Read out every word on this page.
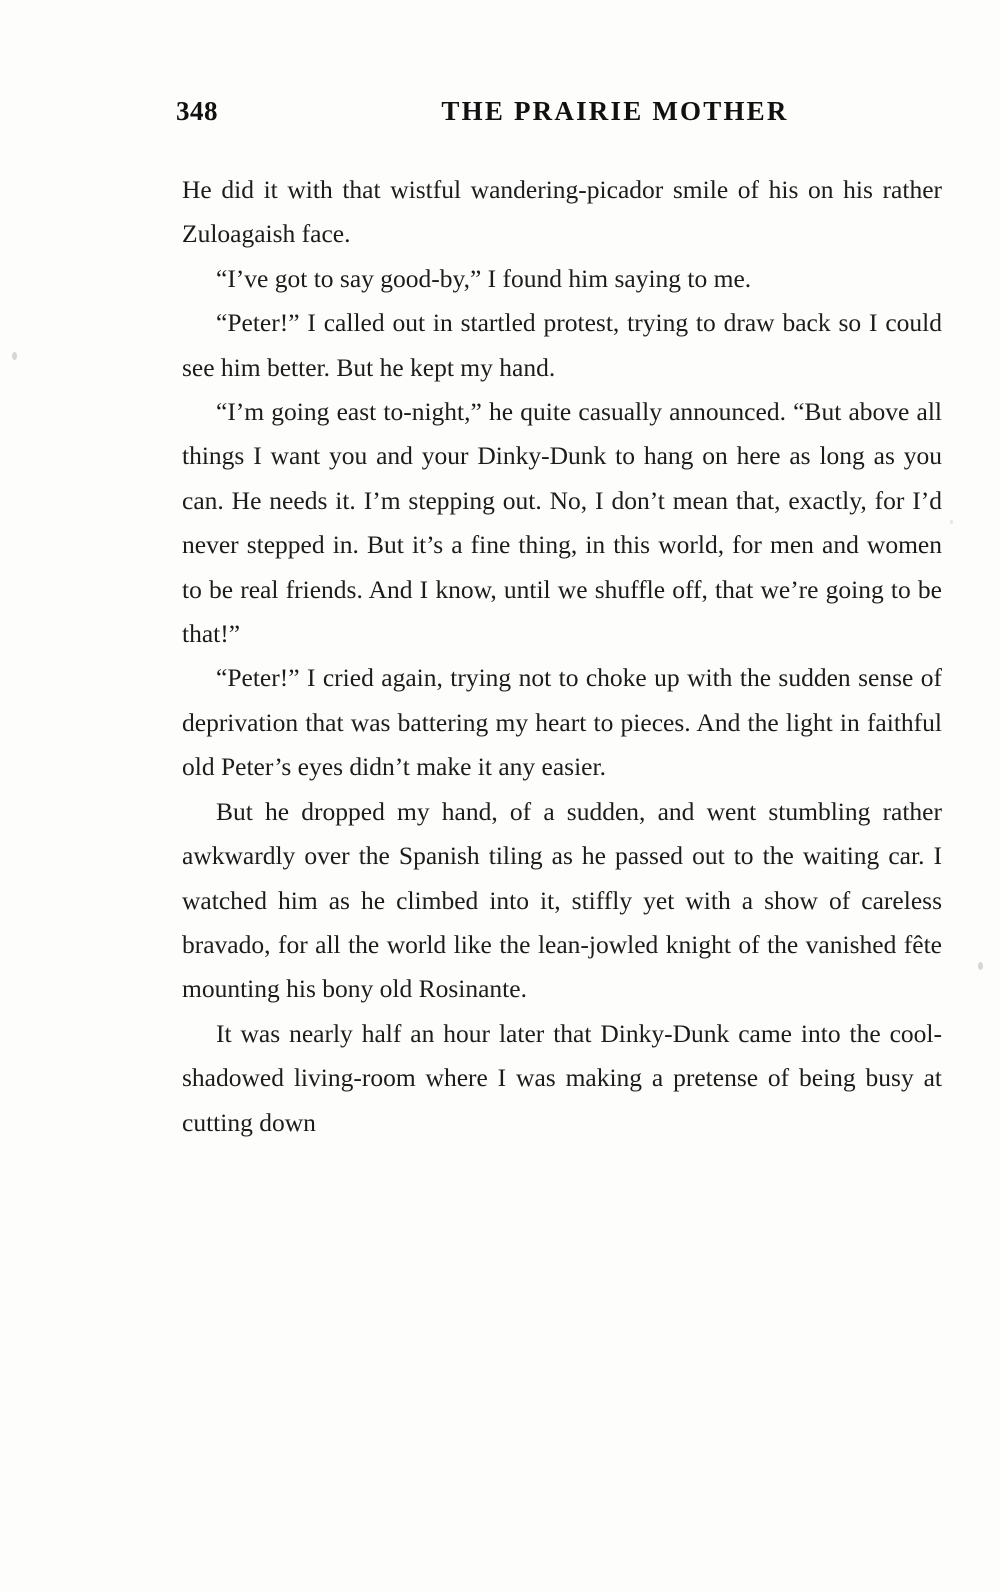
348	THE PRAIRIE MOTHER

He did it with that wistful wandering-picador smile of his on his rather Zuloagaish face.

“I’ve got to say good-by,” I found him saying to me.

“Peter!” I called out in startled protest, trying to draw back so I could see him better. But he kept my hand.

“I’m going east to-night,” he quite casually announced. “But above all things I want you and your Dinky-Dunk to hang on here as long as you can. He needs it. I’m stepping out. No, I don’t mean that, exactly, for I’d never stepped in. But it’s a fine thing, in this world, for men and women to be real friends. And I know, until we shuffle off, that we’re going to be that!”

“Peter!” I cried again, trying not to choke up with the sudden sense of deprivation that was battering my heart to pieces. And the light in faithful old Peter’s eyes didn’t make it any easier.

But he dropped my hand, of a sudden, and went stumbling rather awkwardly over the Spanish tiling as he passed out to the waiting car. I watched him as he climbed into it, stiffly yet with a show of careless bravado, for all the world like the lean-jowled knight of the vanished fête mounting his bony old Rosinante.

It was nearly half an hour later that Dinky-Dunk came into the cool-shadowed living-room where I was making a pretense of being busy at cutting down
